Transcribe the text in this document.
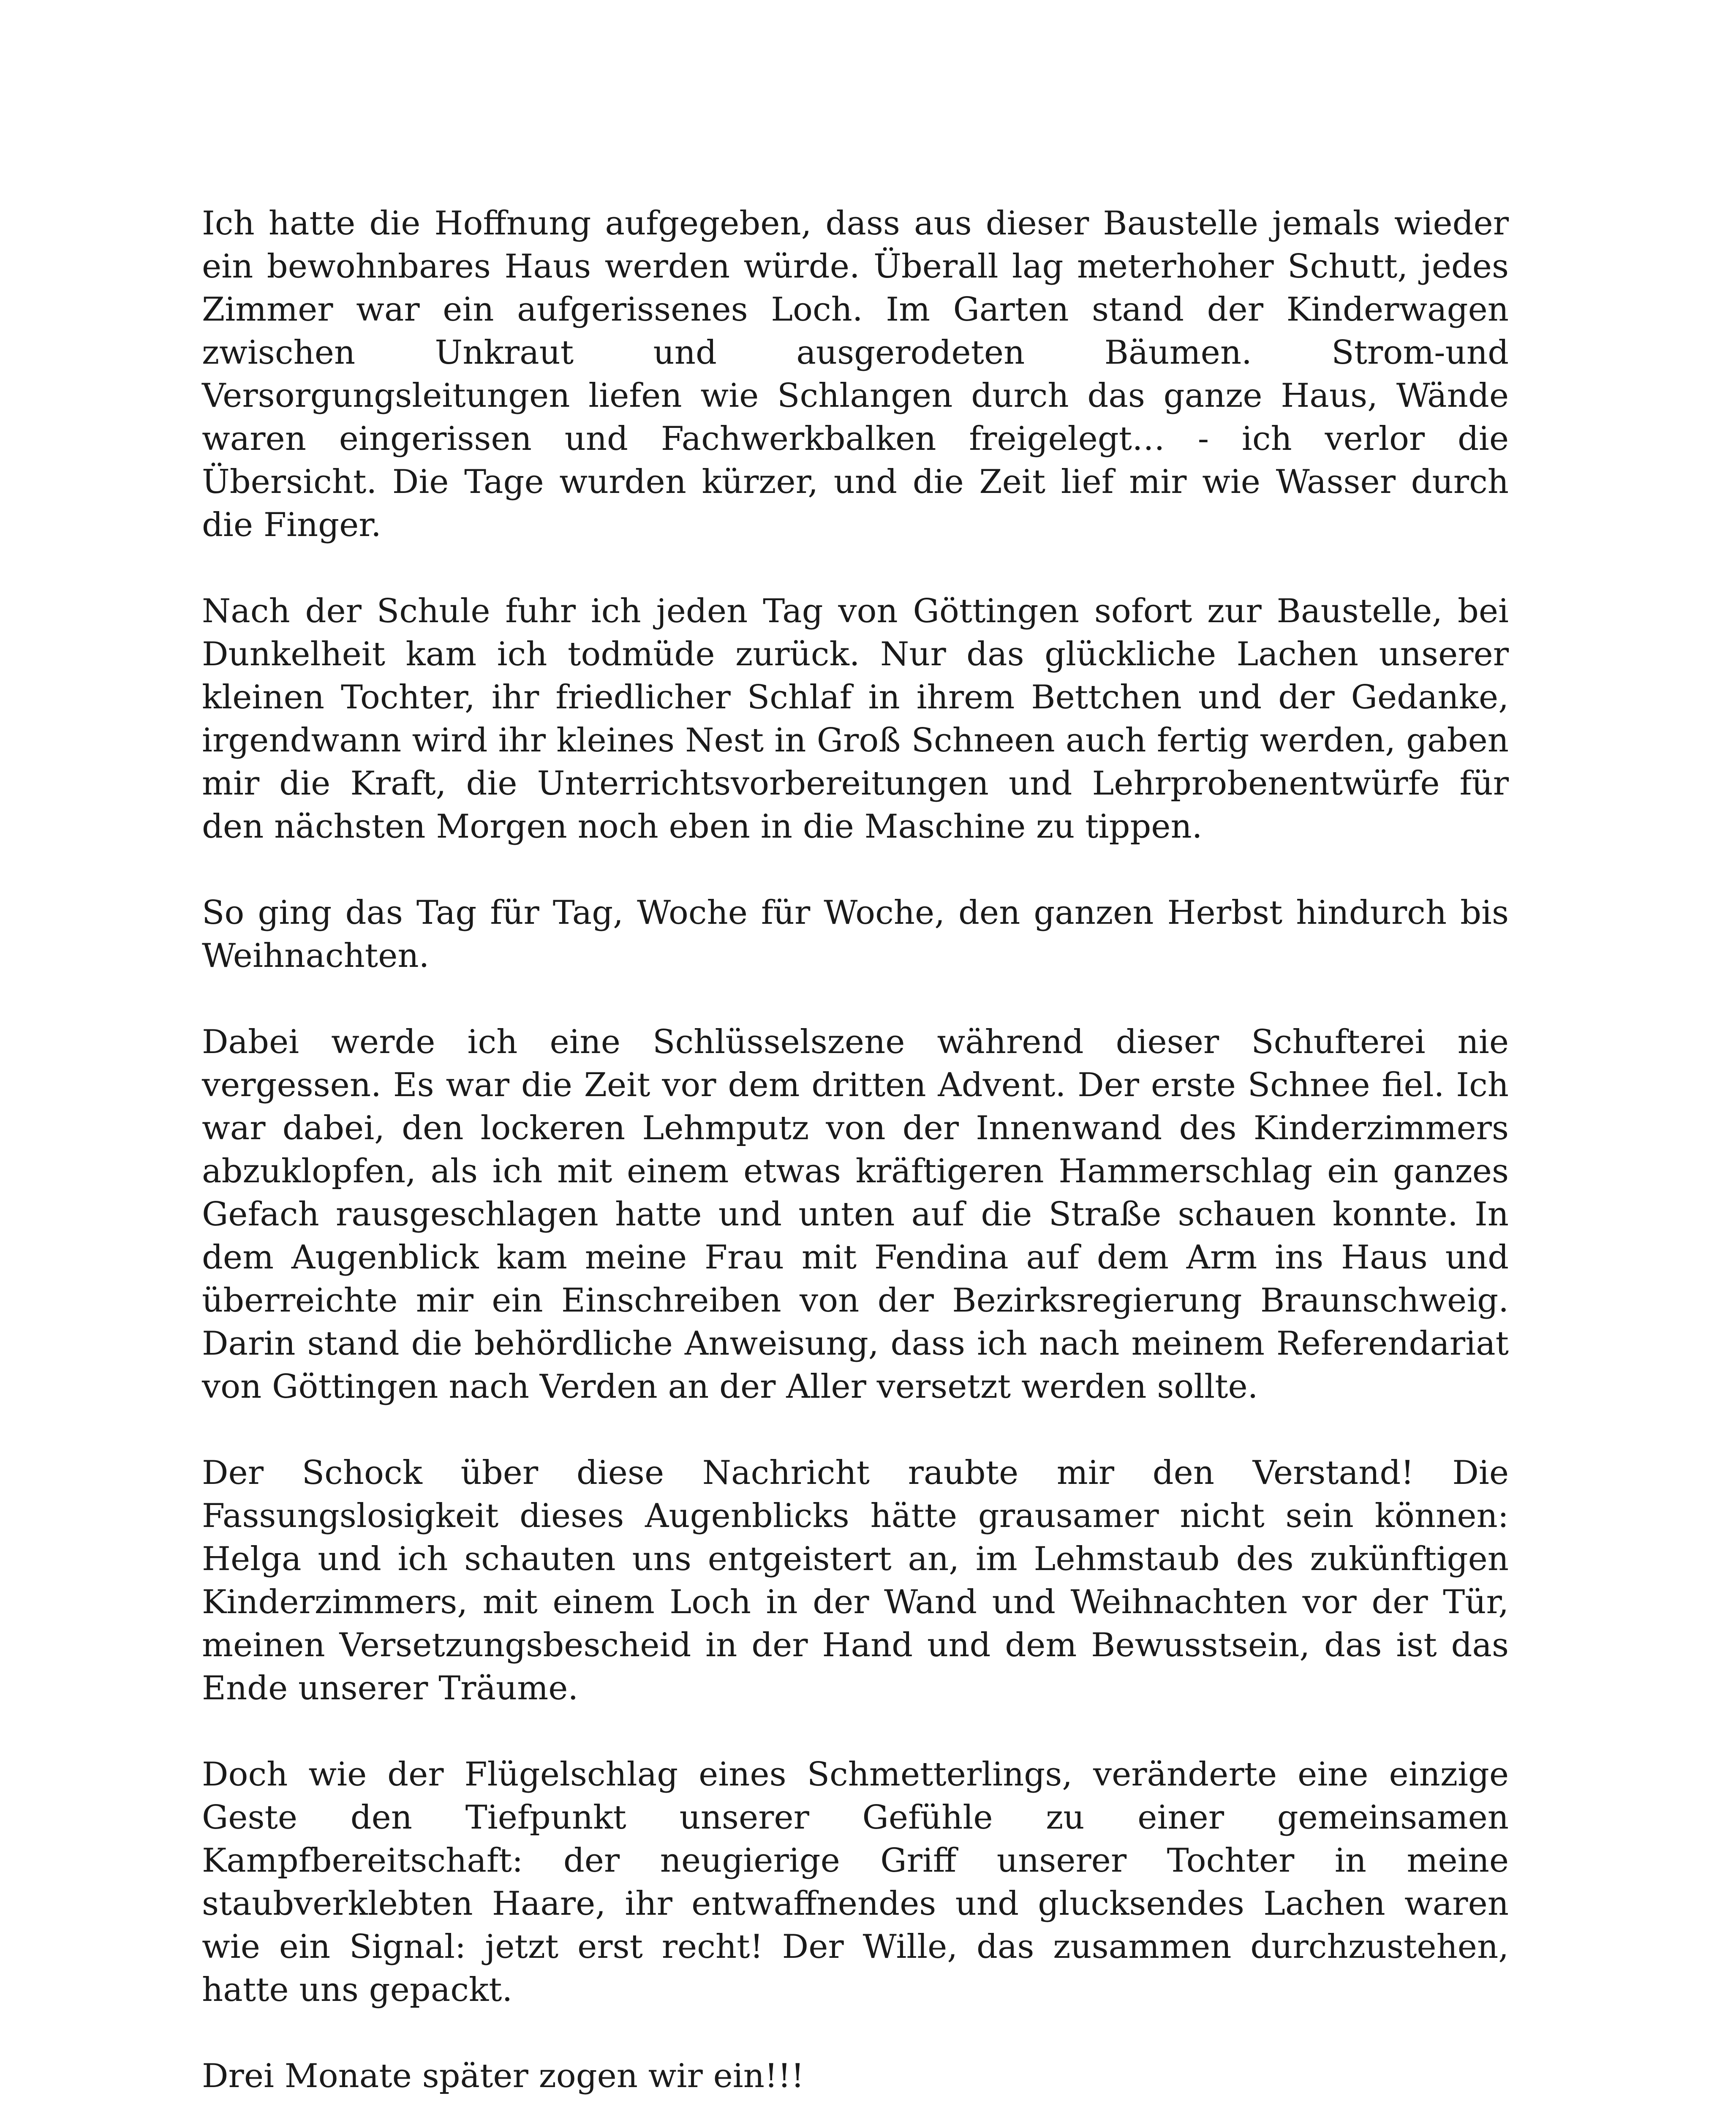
Ich hatte die Hoffnung aufgegeben, dass aus dieser Baustelle jemals wieder ein bewohnbares Haus werden würde. Überall lag meterhoher Schutt, jedes Zimmer war ein aufgerissenes Loch. Im Garten stand der Kinderwagen zwischen Unkraut und ausgerodeten Bäumen. Strom-und Versorgungsleitungen liefen wie Schlangen durch das ganze Haus, Wände waren eingerissen und Fachwerkbalken freigelegt… - ich verlor die Übersicht. Die Tage wurden kürzer, und die Zeit lief mir wie Wasser durch die Finger.

Nach der Schule fuhr ich jeden Tag von Göttingen sofort zur Baustelle, bei Dunkelheit kam ich todmüde zurück. Nur das glückliche Lachen unserer kleinen Tochter, ihr friedlicher Schlaf in ihrem Bettchen und der Gedanke, irgendwann wird ihr kleines Nest in Groß Schneen auch fertig werden, gaben mir die Kraft, die Unterrichtsvorbereitungen und Lehrprobenentwürfe für den nächsten Morgen noch eben in die Maschine zu tippen.

So ging das Tag für Tag, Woche für Woche, den ganzen Herbst hindurch bis Weihnachten.

Dabei werde ich eine Schlüsselszene während dieser Schufterei nie vergessen. Es war die Zeit vor dem dritten Advent. Der erste Schnee fiel. Ich war dabei, den lockeren Lehmputz von der Innenwand des Kinderzimmers abzuklopfen, als ich mit einem etwas kräftigeren Hammerschlag ein ganzes Gefach rausgeschlagen hatte und unten auf die Straße schauen konnte. In dem Augenblick kam meine Frau mit Fendina auf dem Arm ins Haus und überreichte mir ein Einschreiben von der Bezirksregierung Braunschweig. Darin stand die behördliche Anweisung, dass ich nach meinem Referendariat von Göttingen nach Verden an der Aller versetzt werden sollte.

Der Schock über diese Nachricht raubte mir den Verstand! Die Fassungslosigkeit dieses Augenblicks hätte grausamer nicht sein können: Helga und ich schauten uns entgeistert an, im Lehmstaub des zukünftigen Kinderzimmers, mit einem Loch in der Wand und Weihnachten vor der Tür, meinen Versetzungsbescheid in der Hand und dem Bewusstsein, das ist das Ende unserer Träume.

Doch wie der Flügelschlag eines Schmetterlings, veränderte eine einzige Geste den Tiefpunkt unserer Gefühle zu einer gemeinsamen Kampfbereitschaft: der neugierige Griff unserer Tochter in meine staubverklebten Haare, ihr entwaffnendes und glucksendes Lachen waren wie ein Signal: jetzt erst recht! Der Wille, das zusammen durchzustehen, hatte uns gepackt.

Drei Monate später zogen wir ein!!!
